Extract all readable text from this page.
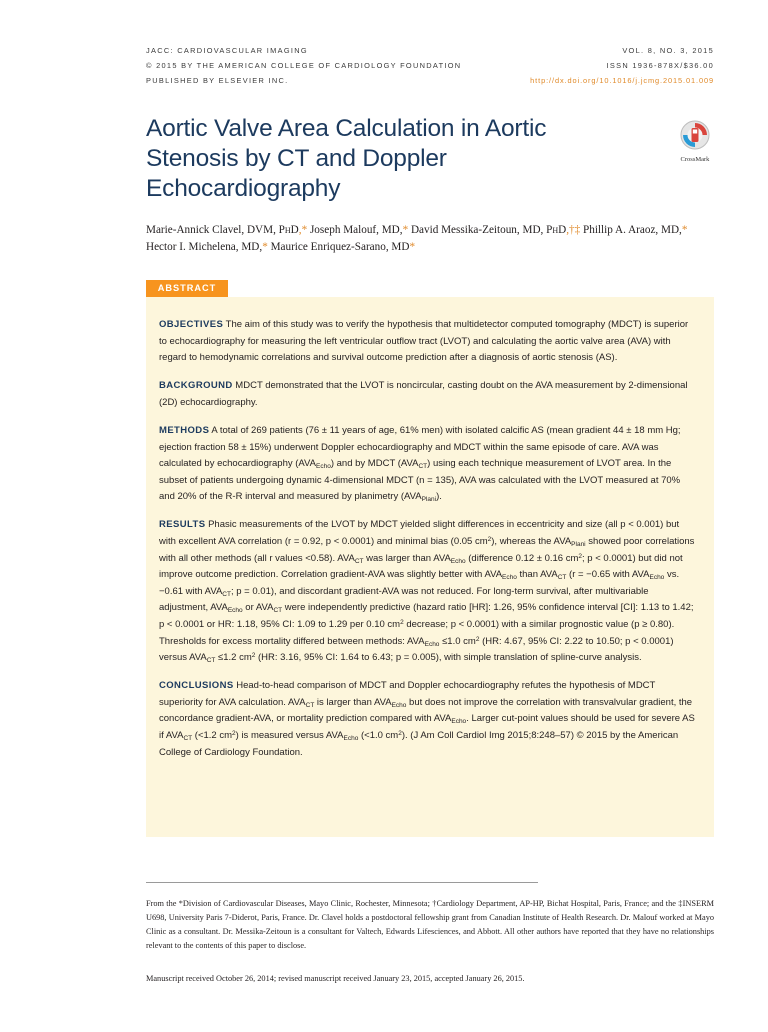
JACC: CARDIOVASCULAR IMAGING
© 2015 BY THE AMERICAN COLLEGE OF CARDIOLOGY FOUNDATION
PUBLISHED BY ELSEVIER INC.
VOL. 8, NO. 3, 2015
ISSN 1936-878X/$36.00
http://dx.doi.org/10.1016/j.jcmg.2015.01.009
Aortic Valve Area Calculation in Aortic Stenosis by CT and Doppler Echocardiography
CrossMark

Marie-Annick Clavel, DVM, PhD,* Joseph Malouf, MD,* David Messika-Zeitoun, MD, PhD,†‡ Phillip A. Araoz, MD,*
Hector I. Michelena, MD,* Maurice Enriquez-Sarano, MD*

ABSTRACT

OBJECTIVES The aim of this study was to verify the hypothesis that multidetector computed tomography (MDCT) is superior to echocardiography for measuring the left ventricular outflow tract (LVOT) and calculating the aortic valve area (AVA) with regard to hemodynamic correlations and survival outcome prediction after a diagnosis of aortic stenosis (AS).

BACKGROUND MDCT demonstrated that the LVOT is noncircular, casting doubt on the AVA measurement by 2-dimensional (2D) echocardiography.

METHODS A total of 269 patients (76 ± 11 years of age, 61% men) with isolated calcific AS (mean gradient 44 ± 18 mm Hg; ejection fraction 58 ± 15%) underwent Doppler echocardiography and MDCT within the same episode of care. AVA was calculated by echocardiography $(AVA_{Echo})$ and by MDCT $(AVA_{CT})$ using each technique measurement of LVOT area. In the subset of patients undergoing dynamic 4-dimensional MDCT (n = 135), AVA was calculated with the LVOT measured at 70% and 20% of the R-R interval and measured by planimetry $(AVA_{Plani})$.

RESULTS Phasic measurements of the LVOT by MDCT yielded slight differences in eccentricity and size (all p < 0.001) but with excellent AVA correlation (r = 0.92, p < 0.0001) and minimal bias (0.05 $cm^2$), whereas the $AVA_{Plani}$ showed poor correlations with all other methods (all r values <0.58). $AVA_{CT}$ was larger than $AVA_{Echo}$ (difference 0.12 ± 0.16 $cm^2$; p < 0.0001) but did not improve outcome prediction. Correlation gradient-AVA was slightly better with $AVA_{Echo}$ than $AVA_{CT}$ (r = −0.65 with $AVA_{Echo}$ vs. −0.61 with $AVA_{CT}$; p = 0.01), and discordant gradient-AVA was not reduced. For long-term survival, after multivariable adjustment, $AVA_{Echo}$ or $AVA_{CT}$ were independently predictive (hazard ratio [HR]: 1.26, 95% confidence interval [CI]: 1.13 to 1.42; p < 0.0001 or HR: 1.18, 95% CI: 1.09 to 1.29 per 0.10 $cm^2$ decrease; p < 0.0001) with a similar prognostic value (p ≥ 0.80). Thresholds for excess mortality differed between methods: $AVA_{Echo} \le 1.0$ $cm^2$ (HR: 4.67, 95% CI: 2.22 to 10.50; p < 0.0001) versus $AVA_{CT} \le 1.2$ $cm^2$ (HR: 3.16, 95% CI: 1.64 to 6.43; p = 0.005), with simple translation of spline-curve analysis.

CONCLUSIONS Head-to-head comparison of MDCT and Doppler echocardiography refutes the hypothesis of MDCT superiority for AVA calculation. $AVA_{CT}$ is larger than $AVA_{Echo}$ but does not improve the correlation with transvalvular gradient, the concordance gradient-AVA, or mortality prediction compared with $AVA_{Echo}$. Larger cut-point values should be used for severe AS if $AVA_{CT}$ (<1.2 $cm^2$) is measured versus $AVA_{Echo}$ (<1.0 $cm^2$). (J Am Coll Cardiol Img 2015;8:248–57) © 2015 by the American College of Cardiology Foundation.

From the *Division of Cardiovascular Diseases, Mayo Clinic, Rochester, Minnesota; †Cardiology Department, AP-HP, Bichat Hospital, Paris, France; and the ‡INSERM U698, University Paris 7-Diderot, Paris, France. Dr. Clavel holds a postdoctoral fellowship grant from Canadian Institute of Health Research. Dr. Malouf worked at Mayo Clinic as a consultant. Dr. Messika-Zeitoun is a consultant for Valtech, Edwards Lifesciences, and Abbott. All other authors have reported that they have no relationships relevant to the contents of this paper to disclose.

Manuscript received October 26, 2014; revised manuscript received January 23, 2015, accepted January 26, 2015.
